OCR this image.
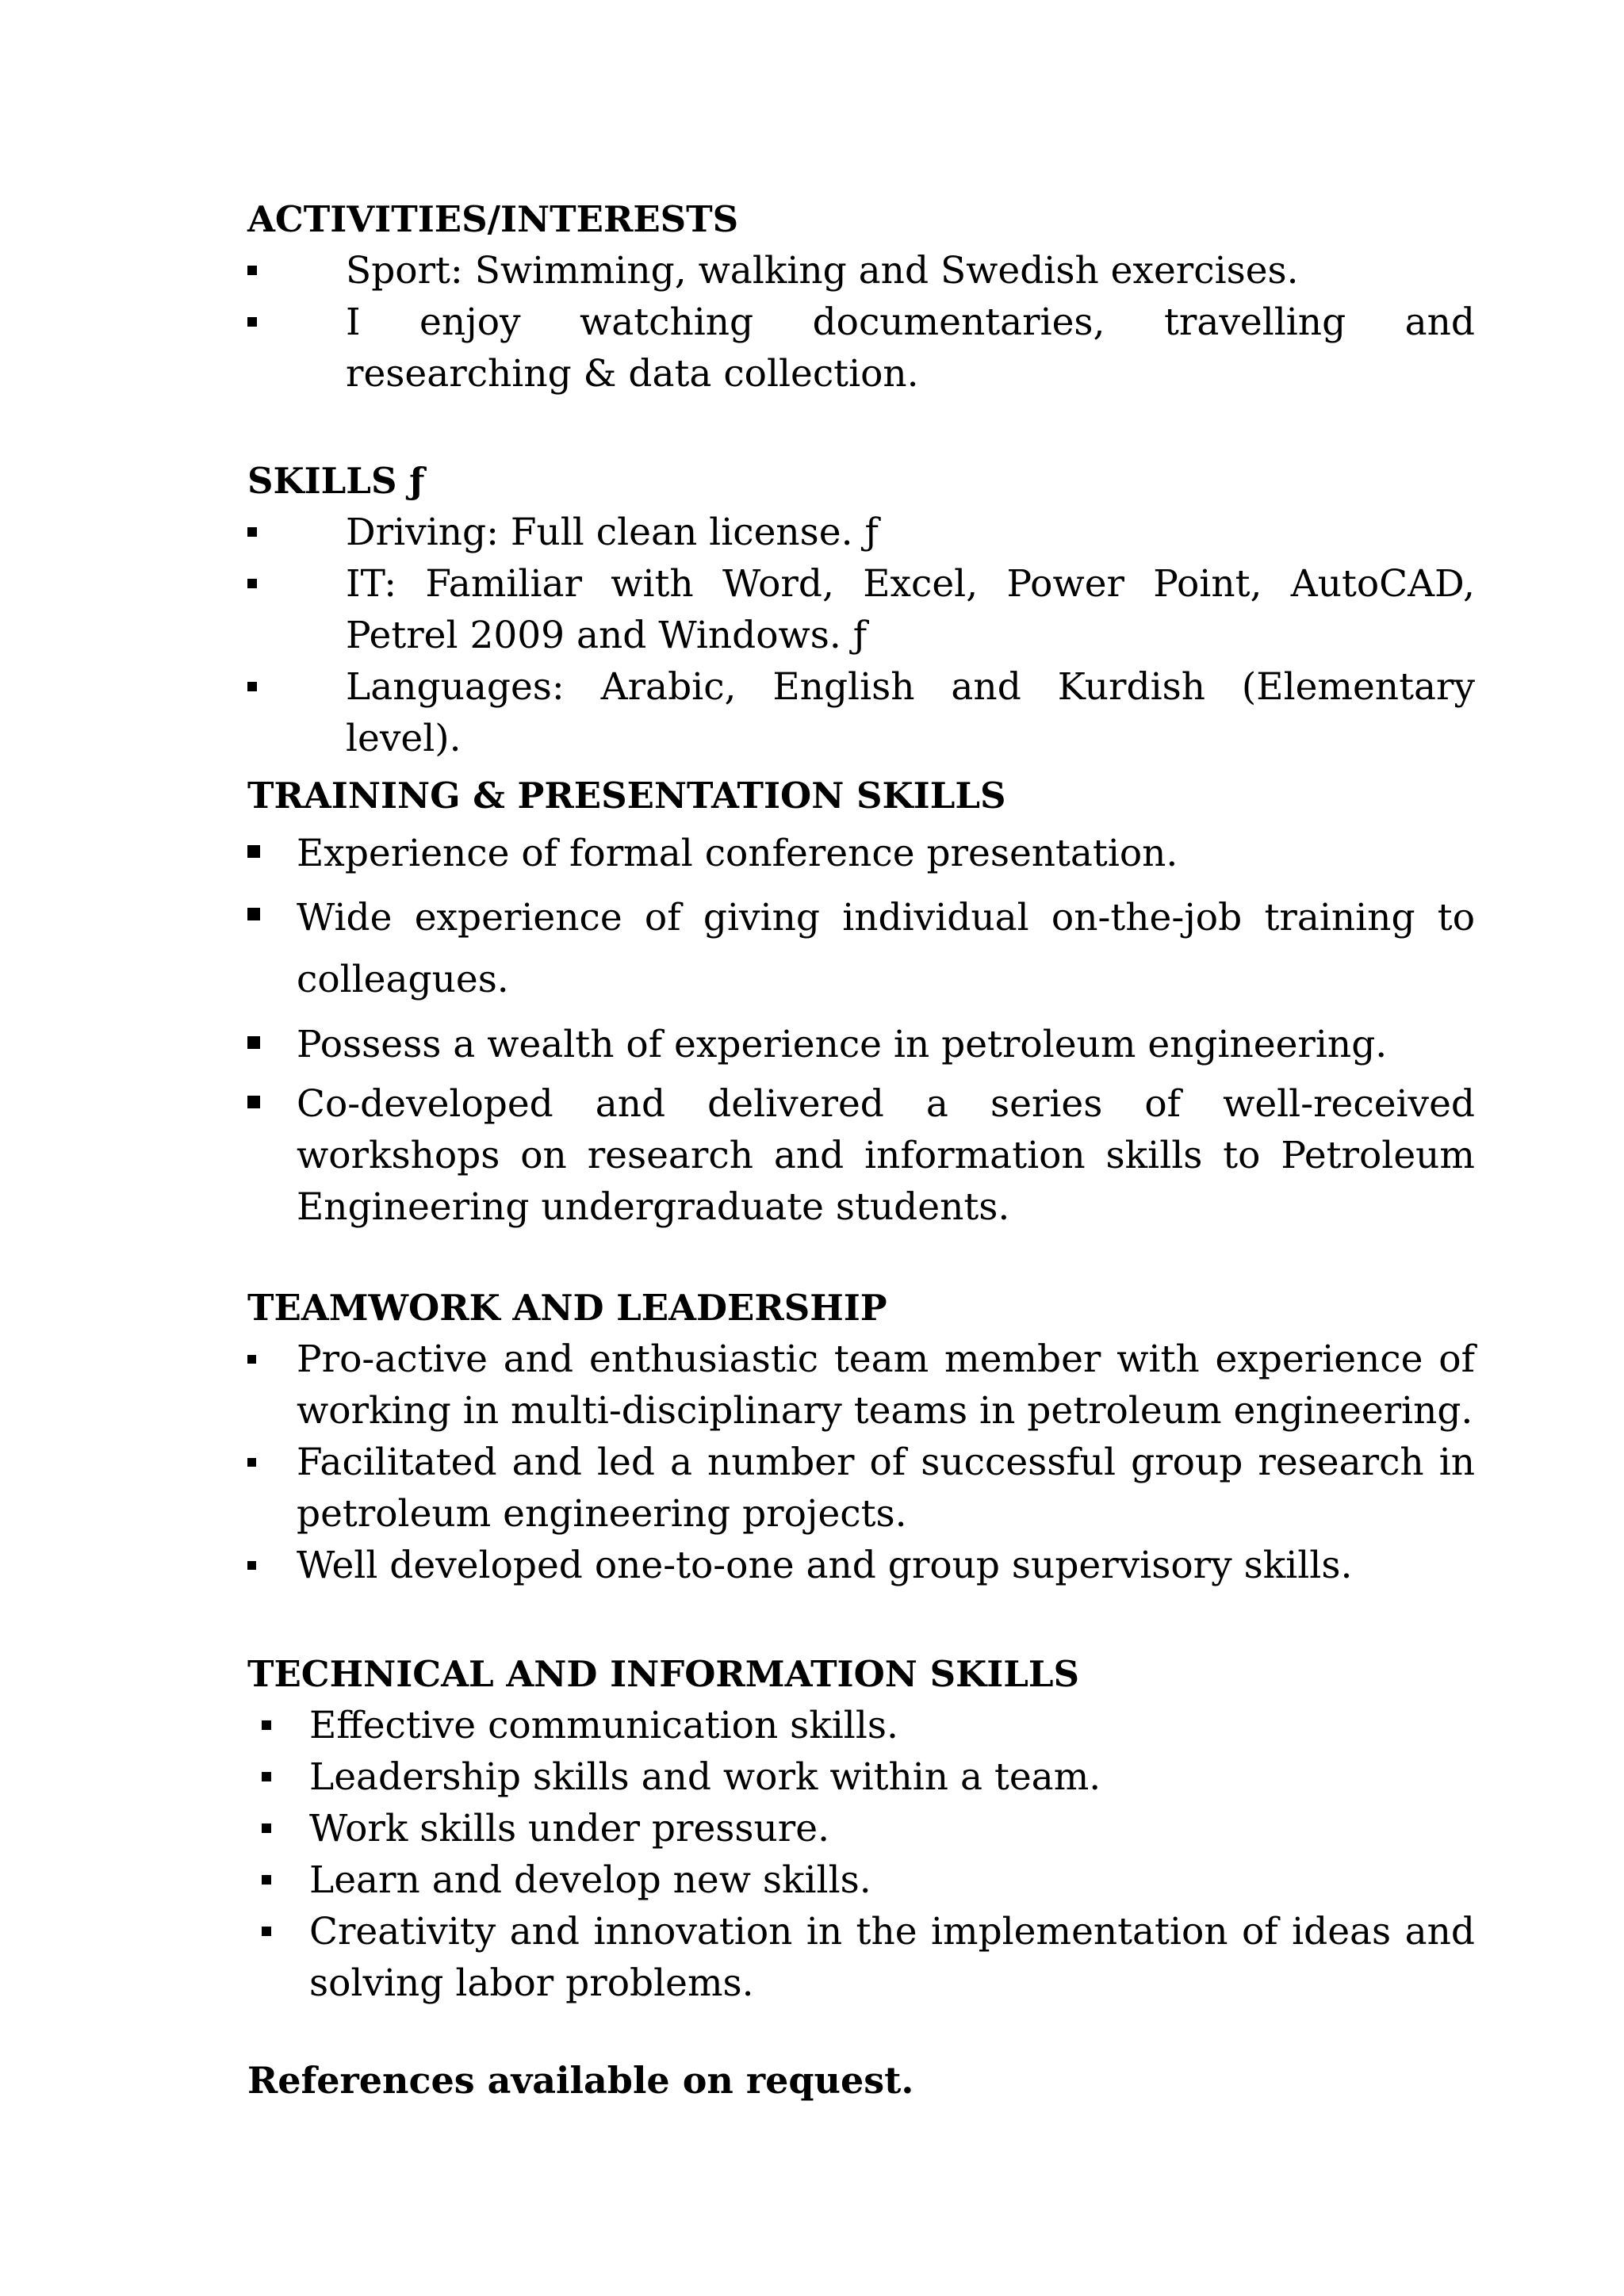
ACTIVITIES/INTERESTS
Sport: Swimming, walking and Swedish exercises.
I enjoy watching documentaries, travelling and researching & data collection.
SKILLS ƒ
Driving: Full clean license. ƒ
IT: Familiar with Word, Excel, Power Point, AutoCAD, Petrel 2009 and Windows. ƒ
Languages: Arabic, English and Kurdish (Elementary level).
TRAINING & PRESENTATION SKILLS
Experience of formal conference presentation.
Wide experience of giving individual on-the-job training to colleagues.
Possess a wealth of experience in petroleum engineering.
Co-developed and delivered a series of well-received workshops on research and information skills to Petroleum Engineering undergraduate students.
TEAMWORK AND LEADERSHIP
Pro-active and enthusiastic team member with experience of working in multi-disciplinary teams in petroleum engineering.
Facilitated and led a number of successful group research in petroleum engineering projects.
Well developed one-to-one and group supervisory skills.
TECHNICAL AND INFORMATION SKILLS
Effective communication skills.
Leadership skills and work within a team.
Work skills under pressure.
Learn and develop new skills.
Creativity and innovation in the implementation of ideas and solving labor problems.
References available on request.
